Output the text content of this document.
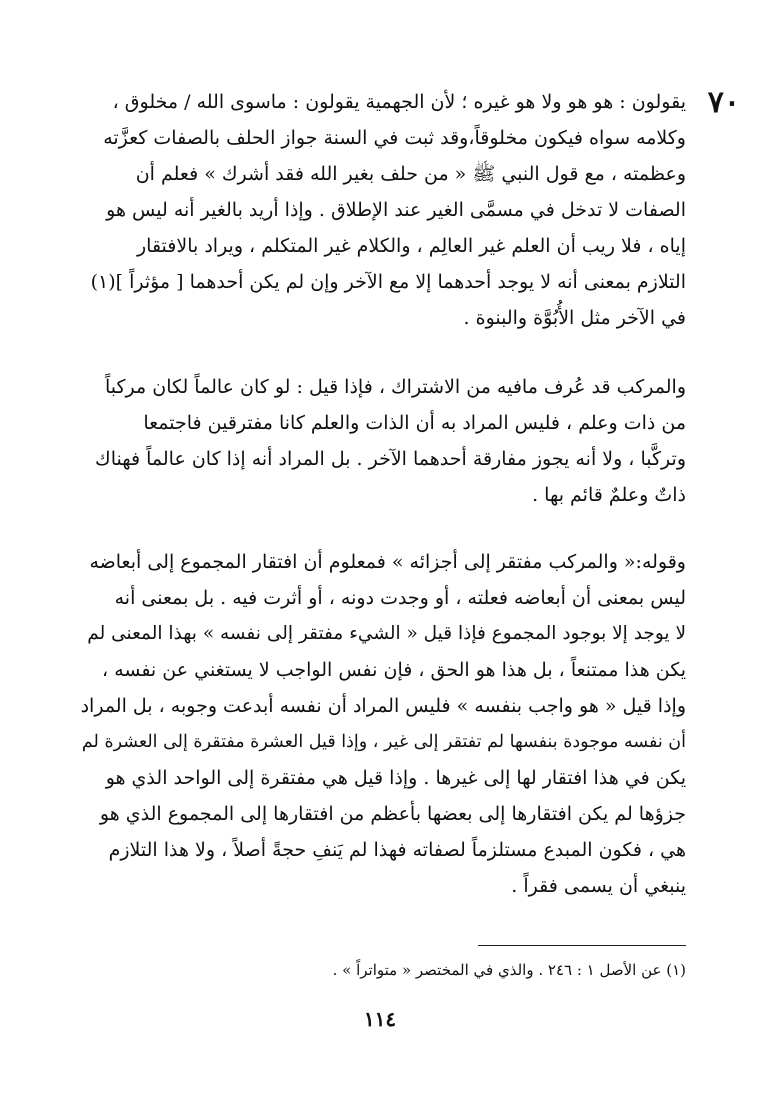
٧٠
يقولون : هو هو ولا هو غيره ؛ لأن الجهمية يقولون : ماسوى الله / مخلوق ،
وكلامه سواه فيكون مخلوقاً،وقد ثبت في السنة جواز الحلف بالصفات كعزَّته
وعظمته ، مع قول النبي ﷺ « من حلف بغير الله فقد أشرك » فعلم أن
الصفات لا تدخل في مسمَّى الغير عند الإطلاق . وإذا أريد بالغير أنه ليس هو
إياه ، فلا ريب أن العلم غير العالِم ، والكلام غير المتكلم ، ويراد بالافتقار
التلازم بمعنى أنه لا يوجد أحدهما إلا مع الآخر وإن لم يكن أحدهما [ مؤثراً ](١)
في الآخر مثل الأُبُوَّة والبنوة .
والمركب قد عُرف مافيه من الاشتراك ، فإذا قيل : لو كان عالماً لكان مركباً
من ذات وعلم ، فليس المراد به أن الذات والعلم كانا مفترقين فاجتمعا
وتركَّبا ، ولا أنه يجوز مفارقة أحدهما الآخر . بل المراد أنه إذا كان عالماً فهناك
ذاتٌ وعلمٌ قائم بها .
وقوله:« والمركب مفتقر إلى أجزائه » فمعلوم أن افتقار المجموع إلى أبعاضه
ليس بمعنى أن أبعاضه فعلته ، أو وجدت دونه ، أو أثرت فيه . بل بمعنى أنه
لا يوجد إلا بوجود المجموع فإذا قيل « الشيء مفتقر إلى نفسه » بهذا المعنى لم
يكن هذا ممتنعاً ، بل هذا هو الحق ، فإن نفس الواجب لا يستغني عن نفسه ،
وإذا قيل « هو واجب بنفسه » فليس المراد أن نفسه أبدعت وجوبه ، بل المراد
أن نفسه موجودة بنفسها لم تفتقر إلى غير ، وإذا قيل العشرة مفتقرة إلى العشرة لم
يكن في هذا افتقار لها إلى غيرها . وإذا قيل هي مفتقرة إلى الواحد الذي هو
جزؤها لم يكن افتقارها إلى بعضها بأعظم من افتقارها إلى المجموع الذي هو
هي ، فكون المبدع مستلزماً لصفاته فهذا لم يَنفِ حجةً أصلاً ، ولا هذا التلازم
ينبغي أن يسمى فقراً .
(١) عن الأصل ١ : ٢٤٦ . والذي في المختصر « متواتراً » .
١١٤
